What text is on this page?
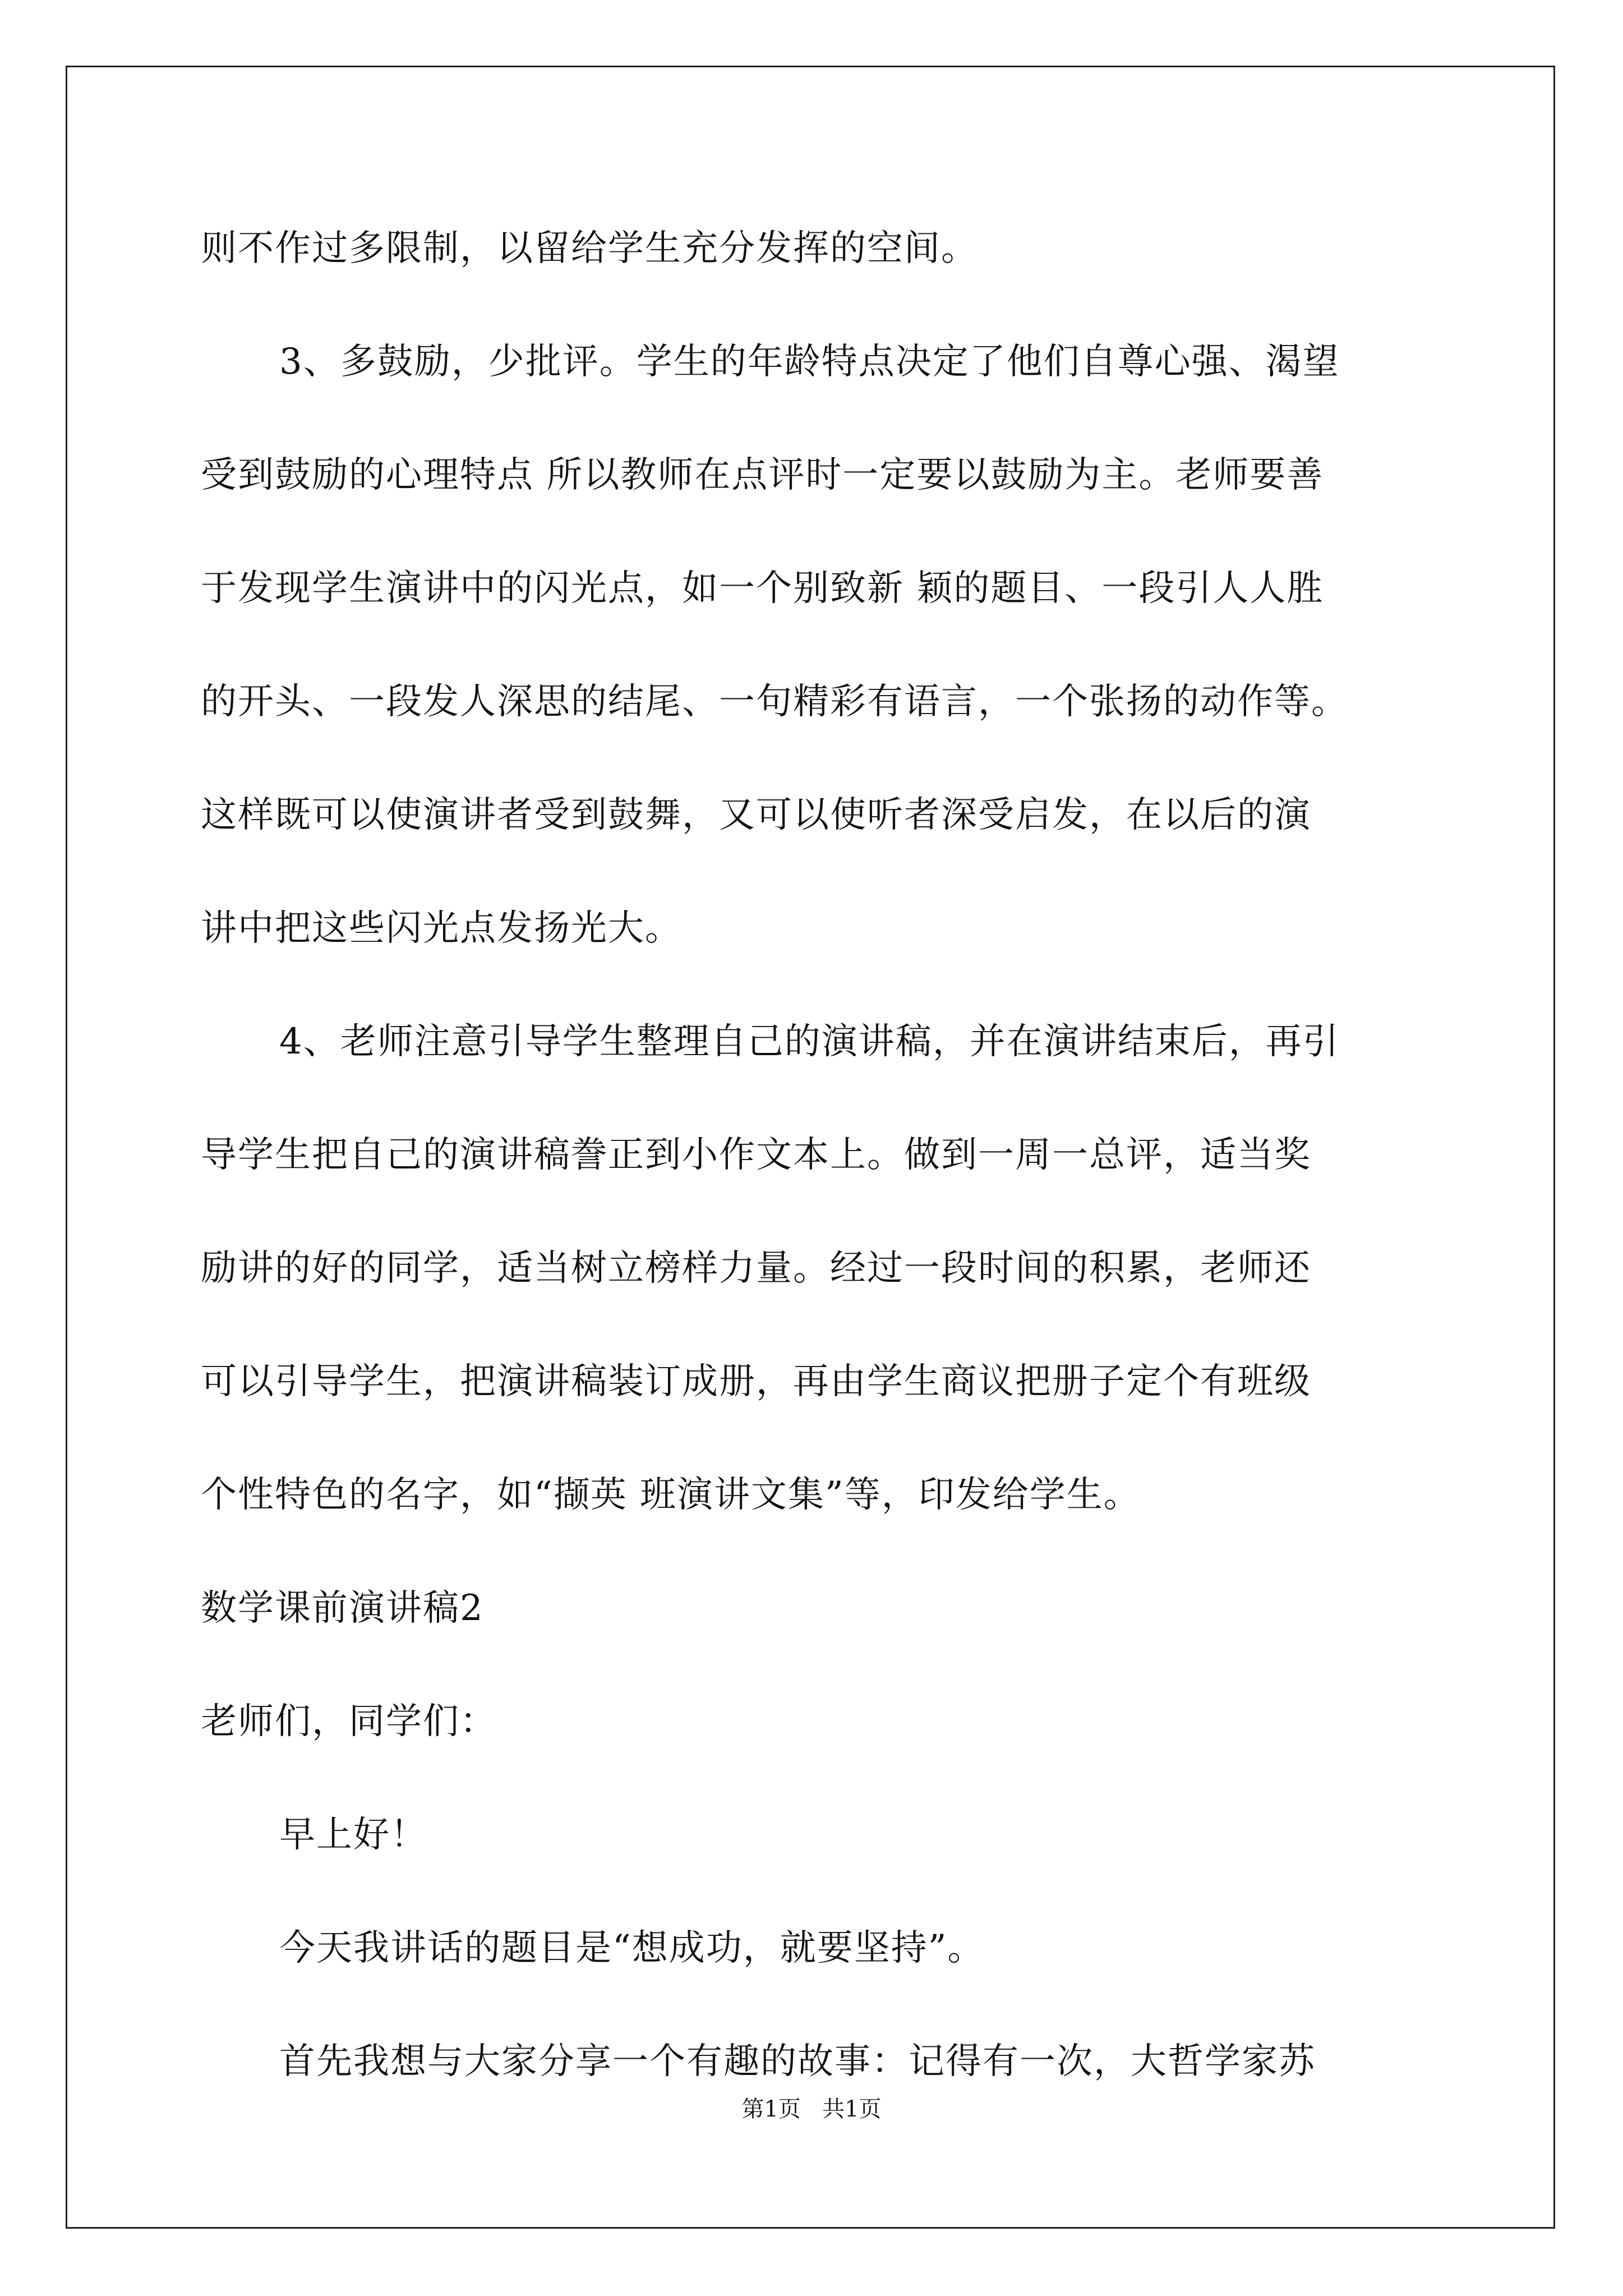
则不作过多限制，以留给学生充分发挥的空间。
3、多鼓励，少批评。学生的年龄特点决定了他们自尊心强、渴望
受到鼓励的心理特点 所以教师在点评时一定要以鼓励为主。老师要善
于发现学生演讲中的闪光点，如一个别致新 颖的题目、一段引人人胜
的开头、一段发人深思的结尾、一句精彩有语言，一个张扬的动作等。
这样既可以使演讲者受到鼓舞，又可以使听者深受启发，在以后的演
讲中把这些闪光点发扬光大。
4、老师注意引导学生整理自己的演讲稿，并在演讲结束后，再引
导学生把自己的演讲稿誊正到小作文本上。做到一周一总评，适当奖
励讲的好的同学，适当树立榜样力量。经过一段时间的积累，老师还
可以引导学生，把演讲稿装订成册，再由学生商议把册子定个有班级
个性特色的名字，如“撷英 班演讲文集”等，印发给学生。
数学课前演讲稿2
老师们，同学们：
早上好！
今天我讲话的题目是“想成功，就要坚持”。
首先我想与大家分享一个有趣的故事：记得有一次，大哲学家苏
第1页   共1页
